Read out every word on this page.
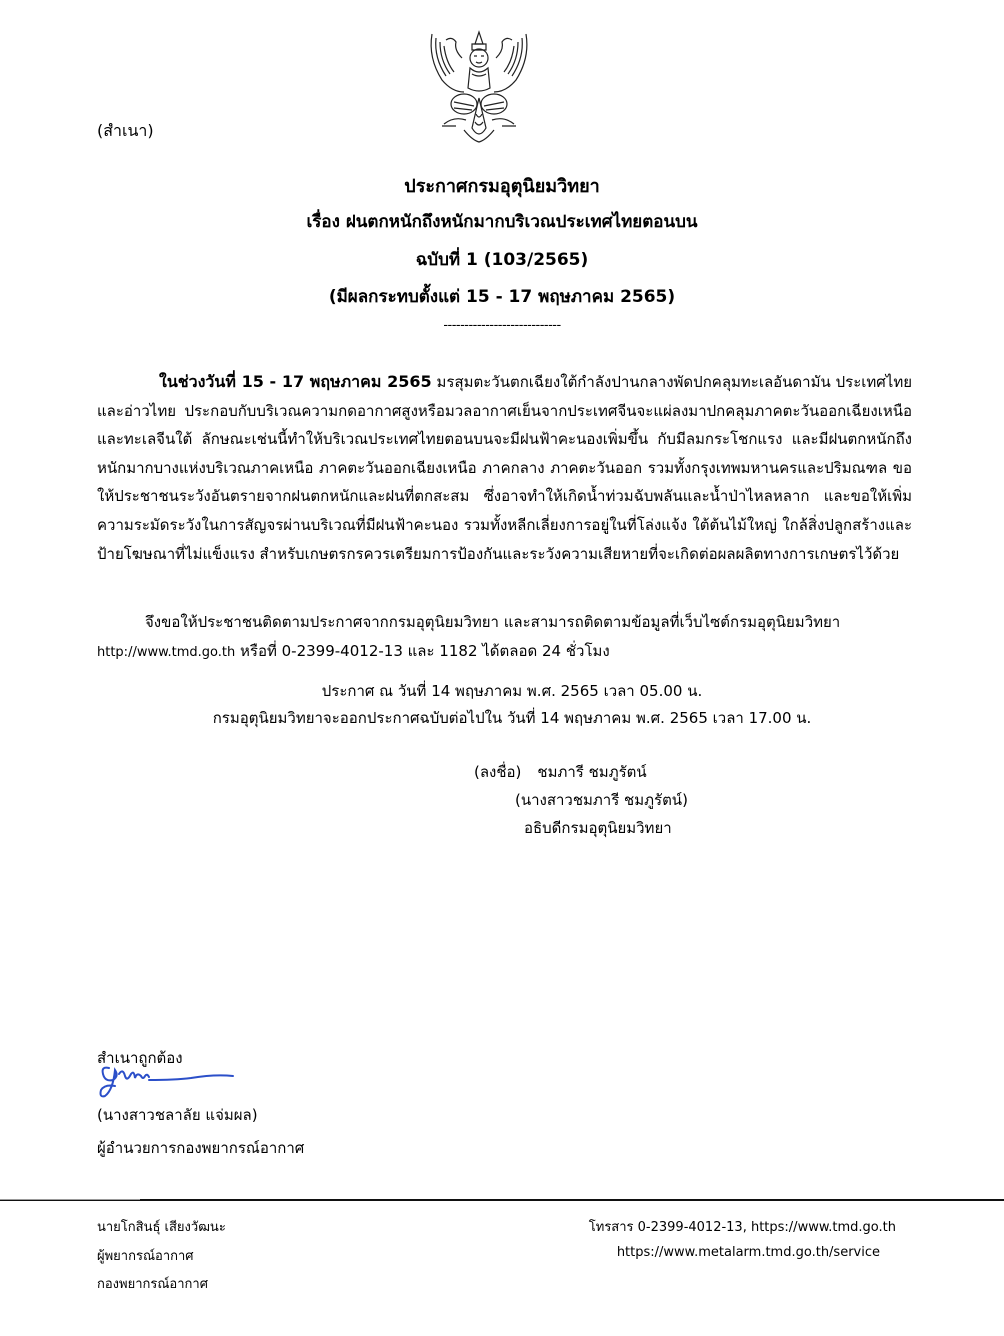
(สำเนา)
ประกาศกรมอุตุนิยมวิทยา
เรื่อง ฝนตกหนักถึงหนักมากบริเวณประเทศไทยตอนบน
ฉบับที่ 1 (103/2565)
(มีผลกระทบตั้งแต่ 15 - 17 พฤษภาคม 2565)
----------------------------
ในช่วงวันที่ 15 - 17 พฤษภาคม 2565 มรสุมตะวันตกเฉียงใต้กำลังปานกลางพัดปกคลุมทะเลอันดามัน ประเทศไทยและอ่าวไทย ประกอบกับบริเวณความกดอากาศสูงหรือมวลอากาศเย็นจากประเทศจีนจะแผ่ลงมาปกคลุมภาคตะวันออกเฉียงเหนือและทะเลจีนใต้ ลักษณะเช่นนี้ทำให้บริเวณประเทศไทยตอนบนจะมีฝนฟ้าคะนองเพิ่มขึ้น กับมีลมกระโชกแรง และมีฝนตกหนักถึงหนักมากบางแห่งบริเวณภาคเหนือ ภาคตะวันออกเฉียงเหนือ ภาคกลาง ภาคตะวันออก รวมทั้งกรุงเทพมหานครและปริมณฑล ขอให้ประชาชนระวังอันตรายจากฝนตกหนักและฝนที่ตกสะสม ซึ่งอาจทำให้เกิดน้ำท่วมฉับพลันและน้ำป่าไหลหลาก และขอให้เพิ่มความระมัดระวังในการสัญจรผ่านบริเวณที่มีฝนฟ้าคะนอง รวมทั้งหลีกเลี่ยงการอยู่ในที่โล่งแจ้ง ใต้ต้นไม้ใหญ่ ใกล้สิ่งปลูกสร้างและป้ายโฆษณาที่ไม่แข็งแรง สำหรับเกษตรกรควรเตรียมการป้องกันและระวังความเสียหายที่จะเกิดต่อผลผลิตทางการเกษตรไว้ด้วย
จึงขอให้ประชาชนติดตามประกาศจากกรมอุตุนิยมวิทยา และสามารถติดตามข้อมูลที่เว็บไซต์กรมอุตุนิยมวิทยา
http://www.tmd.go.th หรือที่ 0-2399-4012-13 และ 1182 ได้ตลอด 24 ชั่วโมง
ประกาศ ณ วันที่ 14 พฤษภาคม พ.ศ. 2565 เวลา 05.00 น.
กรมอุตุนิยมวิทยาจะออกประกาศฉบับต่อไปใน วันที่ 14 พฤษภาคม พ.ศ. 2565 เวลา 17.00 น.
(ลงชื่อ) ชมภารี ชมภูรัตน์
(นางสาวชมภารี ชมภูรัตน์)
อธิบดีกรมอุตุนิยมวิทยา
สำเนาถูกต้อง
(นางสาวชลาลัย แจ่มผล)
ผู้อำนวยการกองพยากรณ์อากาศ
นายโกสินธุ์ เสียงวัฒนะ
ผู้พยากรณ์อากาศ
กองพยากรณ์อากาศ
โทรสาร 0-2399-4012-13, https://www.tmd.go.th
https://www.metalarm.tmd.go.th/service
